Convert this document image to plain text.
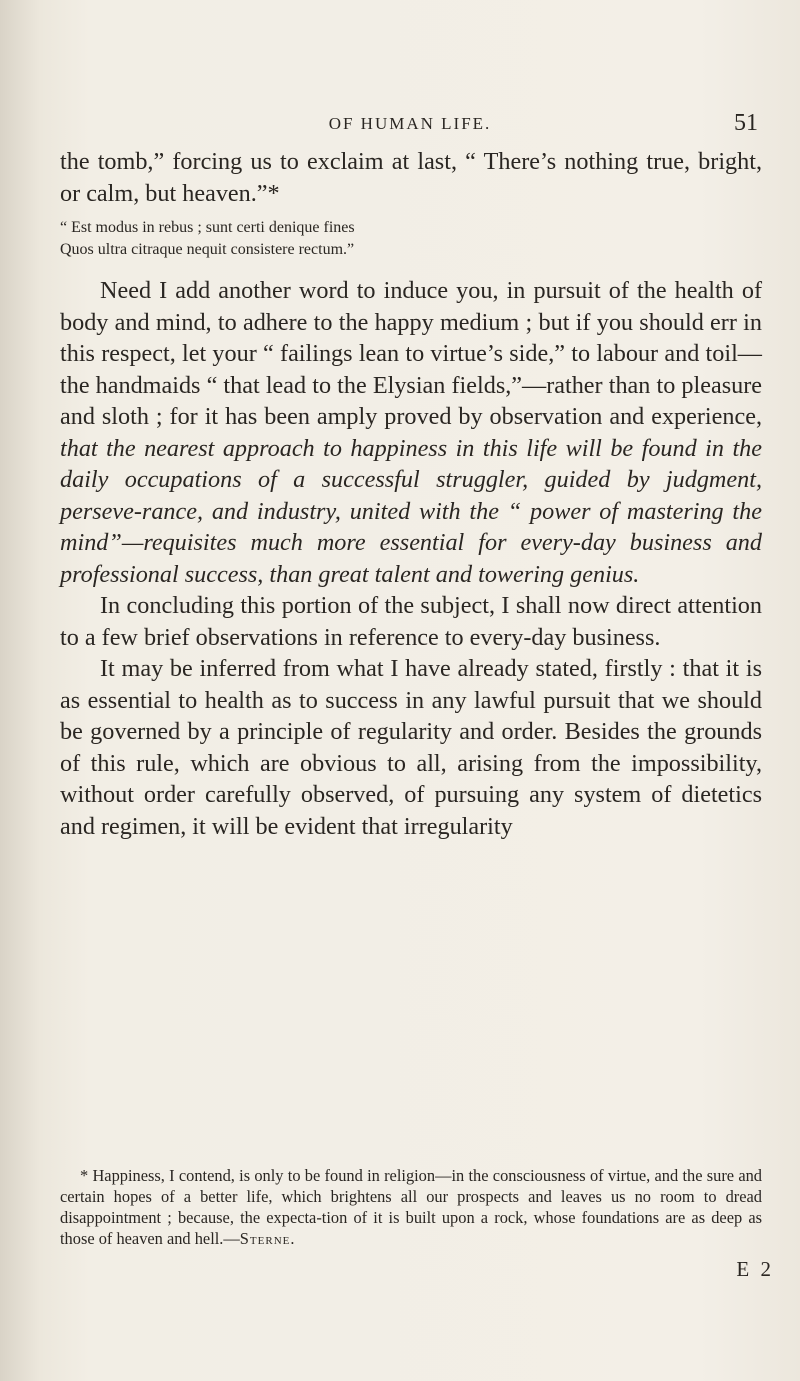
OF HUMAN LIFE.	51

the tomb,” forcing us to exclaim at last, “ There’s nothing true, bright, or calm, but heaven.”*

“ Est modus in rebus ; sunt certi denique fines
Quos ultra citraque nequit consistere rectum.”

Need I add another word to induce you, in pursuit of the health of body and mind, to adhere to the happy medium ; but if you should err in this respect, let your “ failings lean to virtue’s side,” to labour and toil—the handmaids “ that lead to the Elysian fields,”—rather than to pleasure and sloth ; for it has been amply proved by observation and experience, that the nearest approach to happiness in this life will be found in the daily occupations of a successful struggler, guided by judgment, perseve-rance, and industry, united with the “ power of mastering the mind”—requisites much more essential for every-day business and professional success, than great talent and towering genius.

In concluding this portion of the subject, I shall now direct attention to a few brief observations in reference to every-day business.

It may be inferred from what I have already stated, firstly : that it is as essential to health as to success in any lawful pursuit that we should be governed by a principle of regularity and order. Besides the grounds of this rule, which are obvious to all, arising from the impossibility, without order carefully observed, of pursuing any system of dietetics and regimen, it will be evident that irregularity

* Happiness, I contend, is only to be found in religion—in the consciousness of virtue, and the sure and certain hopes of a better life, which brightens all our prospects and leaves us no room to dread disappointment ; because, the expecta-tion of it is built upon a rock, whose foundations are as deep as those of heaven and hell.—Sterne.

E 2
